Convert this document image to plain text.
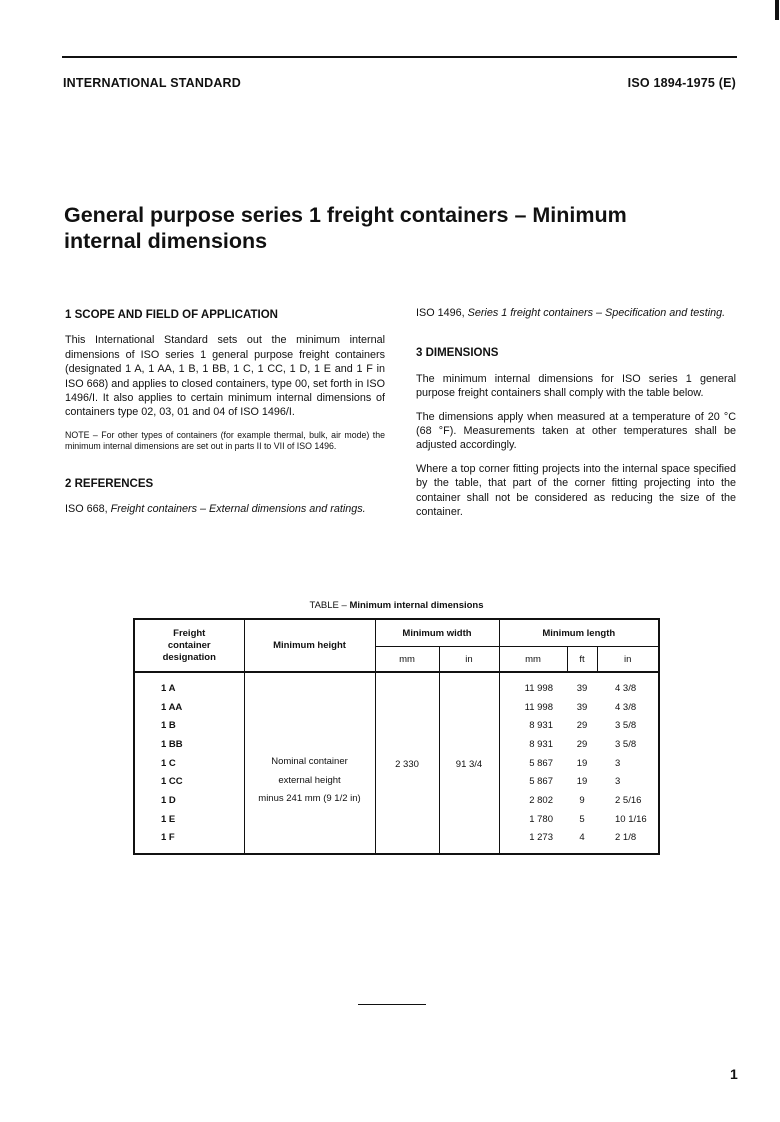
INTERNATIONAL STANDARD	ISO 1894-1975 (E)
General purpose series 1 freight containers – Minimum
internal dimensions
1 SCOPE AND FIELD OF APPLICATION

This International Standard sets out the minimum internal dimensions of ISO series 1 general purpose freight containers (designated 1 A, 1 AA, 1 B, 1 BB, 1 C, 1 CC, 1 D, 1 E and 1 F in ISO 668) and applies to closed containers, type 00, set forth in ISO 1496/I. It also applies to certain minimum internal dimensions of containers type 02, 03, 01 and 04 of ISO 1496/I.

NOTE – For other types of containers (for example thermal, bulk, air mode) the minimum internal dimensions are set out in parts II to VII of ISO 1496.

2 REFERENCES

ISO 668, Freight containers – External dimensions and ratings.

ISO 1496, Series 1 freight containers – Specification and testing.

3 DIMENSIONS

The minimum internal dimensions for ISO series 1 general purpose freight containers shall comply with the table below.

The dimensions apply when measured at a temperature of 20 °C (68 °F). Measurements taken at other temperatures shall be adjusted accordingly.

Where a top corner fitting projects into the internal space specified by the table, that part of the corner fitting projecting into the container shall not be considered as reducing the size of the container.

TABLE – Minimum internal dimensions
Freight container designation	Minimum height	Minimum width		Minimum length		
		mm	in	mm	ft	in
1 A	Nominal container
external height
minus 241 mm (9 1/2 in)	2 330	91 3/4	11 998	39	4 3/8
1 AA				11 998	39	4 3/8
1 B				8 931	29	3 5/8
1 BB				8 931	29	3 5/8
1 C				5 867	19	3
1 CC				5 867	19	3
1 D				2 802	9	2 5/16
1 E				1 780	5	10 1/16
1 F				1 273	4	2 1/8
1
